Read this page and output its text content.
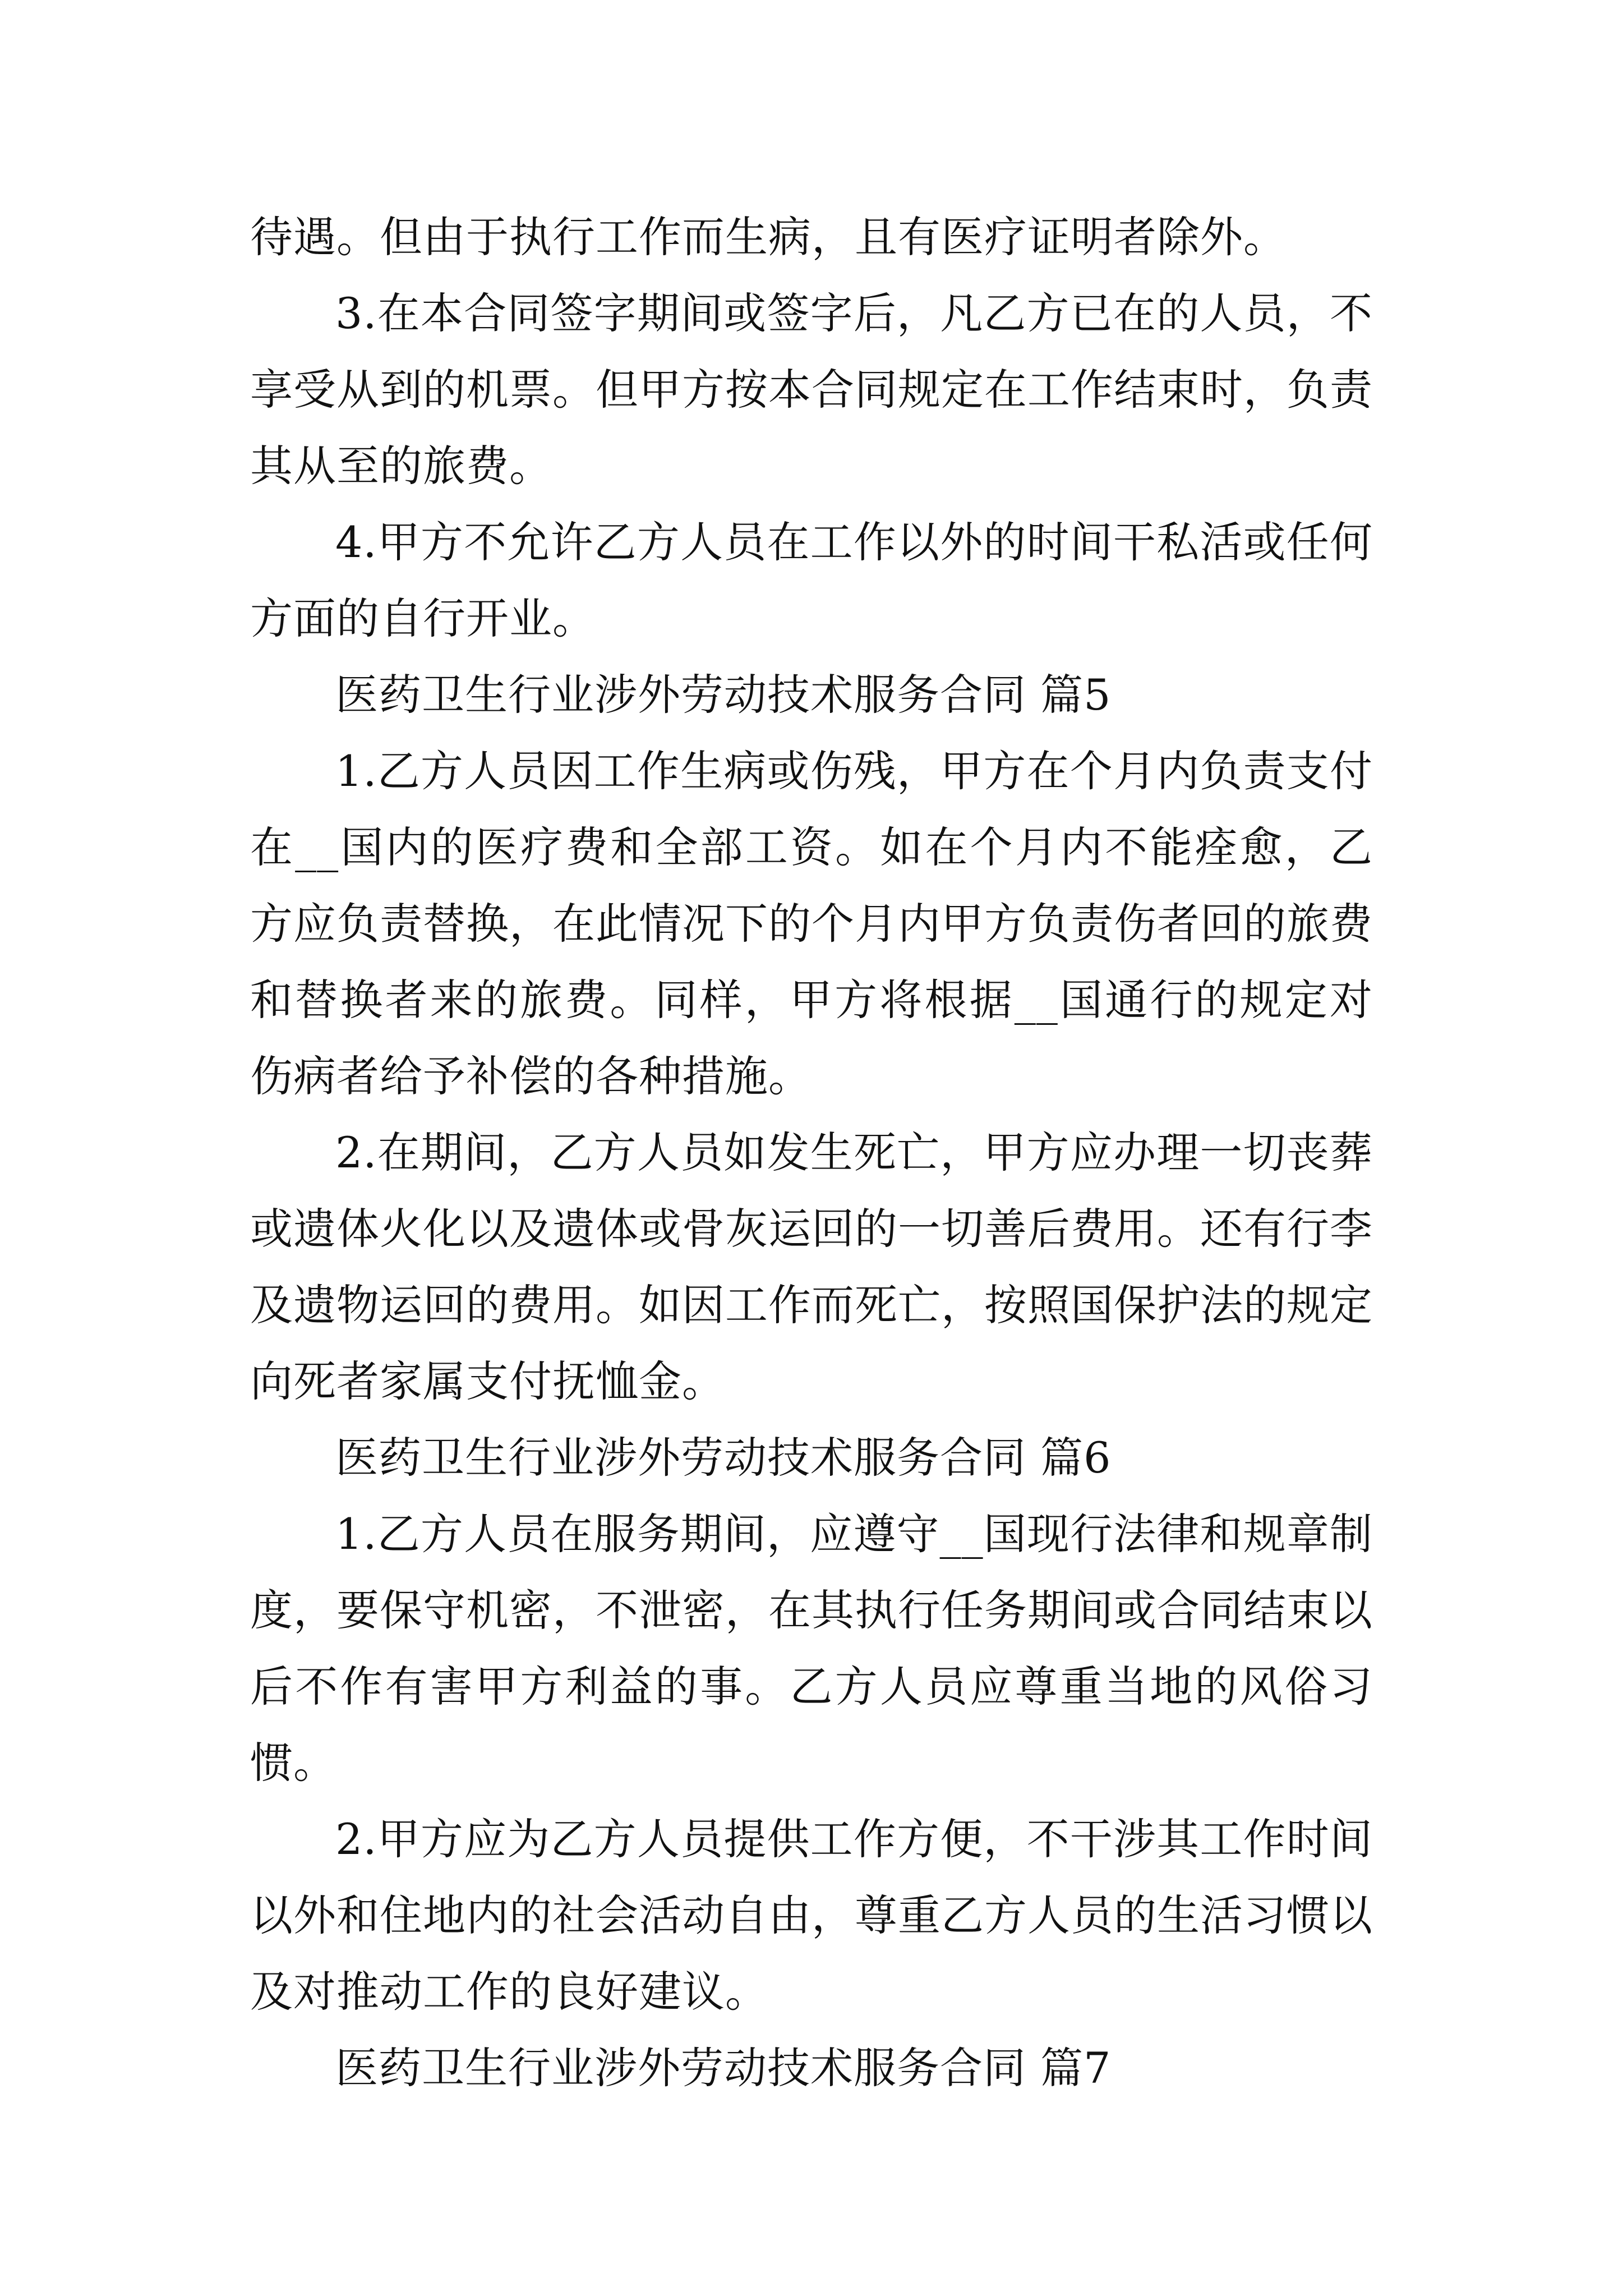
待遇。但由于执行工作而生病，且有医疗证明者除外。

3.在本合同签字期间或签字后，凡乙方已在的人员，不享受从到的机票。但甲方按本合同规定在工作结束时，负责其从至的旅费。

4.甲方不允许乙方人员在工作以外的时间干私活或任何方面的自行开业。

医药卫生行业涉外劳动技术服务合同 篇5

1.乙方人员因工作生病或伤残，甲方在个月内负责支付在__国内的医疗费和全部工资。如在个月内不能痊愈，乙方应负责替换，在此情况下的个月内甲方负责伤者回的旅费和替换者来的旅费。同样，甲方将根据__国通行的规定对伤病者给予补偿的各种措施。

2.在期间，乙方人员如发生死亡，甲方应办理一切丧葬或遗体火化以及遗体或骨灰运回的一切善后费用。还有行李及遗物运回的费用。如因工作而死亡，按照国保护法的规定向死者家属支付抚恤金。

医药卫生行业涉外劳动技术服务合同 篇6

1.乙方人员在服务期间，应遵守__国现行法律和规章制度，要保守机密，不泄密，在其执行任务期间或合同结束以后不作有害甲方利益的事。乙方人员应尊重当地的风俗习惯。

2.甲方应为乙方人员提供工作方便，不干涉其工作时间以外和住地内的社会活动自由，尊重乙方人员的生活习惯以及对推动工作的良好建议。

医药卫生行业涉外劳动技术服务合同 篇7
